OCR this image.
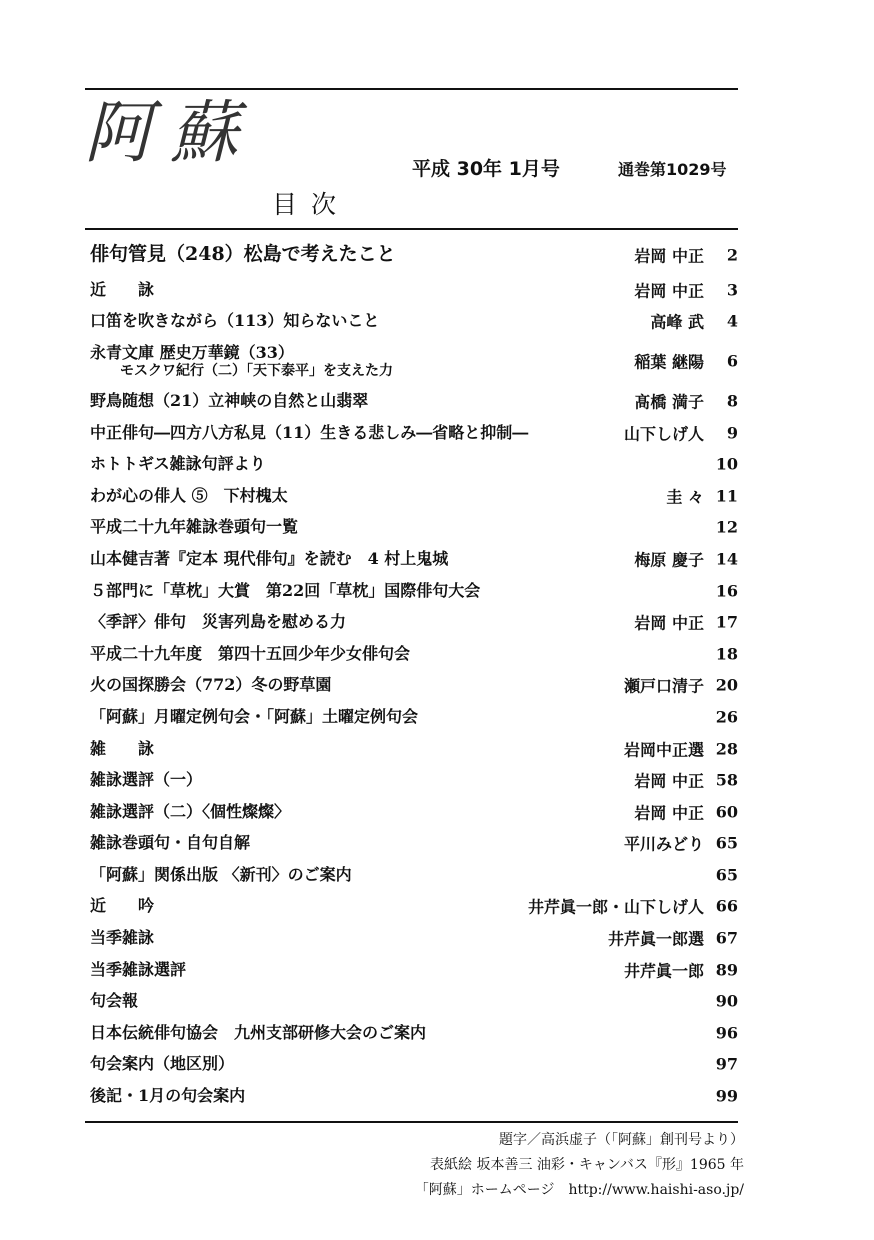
阿蘇
目次
平成 30年 1月号	通巻第1029号
俳句管見（248）松島で考えたこと	岩岡 中正 2
近　　詠	岩岡 中正 3
口笛を吹きながら（113）知らないこと	高峰 武 4
永青文庫 歴史万華鏡（33）
モスクワ紀行（二）「天下泰平」を支えた力	稲葉 継陽 6
野鳥随想（21）立神峡の自然と山翡翠	髙橋 満子 8
中正俳句―四方八方私見（11）生きる悲しみ―省略と抑制―	山下しげ人 9
ホトトギス雑詠句評より	10
わが心の俳人 ⑤　下村槐太	圭 々 11
平成二十九年雑詠巻頭句一覧	12
山本健吉著『定本 現代俳句』を読む　4 村上鬼城	梅原 慶子 14
５部門に「草枕」大賞　第22回「草枕」国際俳句大会	16
〈季評〉俳句　災害列島を慰める力	岩岡 中正 17
平成二十九年度　第四十五回少年少女俳句会	18
火の国探勝会（772）冬の野草園	瀬戸口清子 20
「阿蘇」月曜定例句会・「阿蘇」土曜定例句会	26
雑　　詠	岩岡中正選 28
雑詠選評（一）	岩岡 中正 58
雑詠選評（二）〈個性燦燦〉	岩岡 中正 60
雑詠巻頭句・自句自解	平川みどり 65
「阿蘇」関係出版 〈新刊〉のご案内	65
近　　吟	井芹眞一郎・山下しげ人 66
当季雑詠	井芹眞一郎選 67
当季雑詠選評	井芹眞一郎 89
句会報	90
日本伝統俳句協会　九州支部研修大会のご案内	96
句会案内（地区別）	97
後記・1月の句会案内	99
題字／高浜虚子（「阿蘇」創刊号より）
表紙絵 坂本善三 油彩・キャンバス『形』1965 年
「阿蘇」ホームページ　http://www.haishi-aso.jp/
